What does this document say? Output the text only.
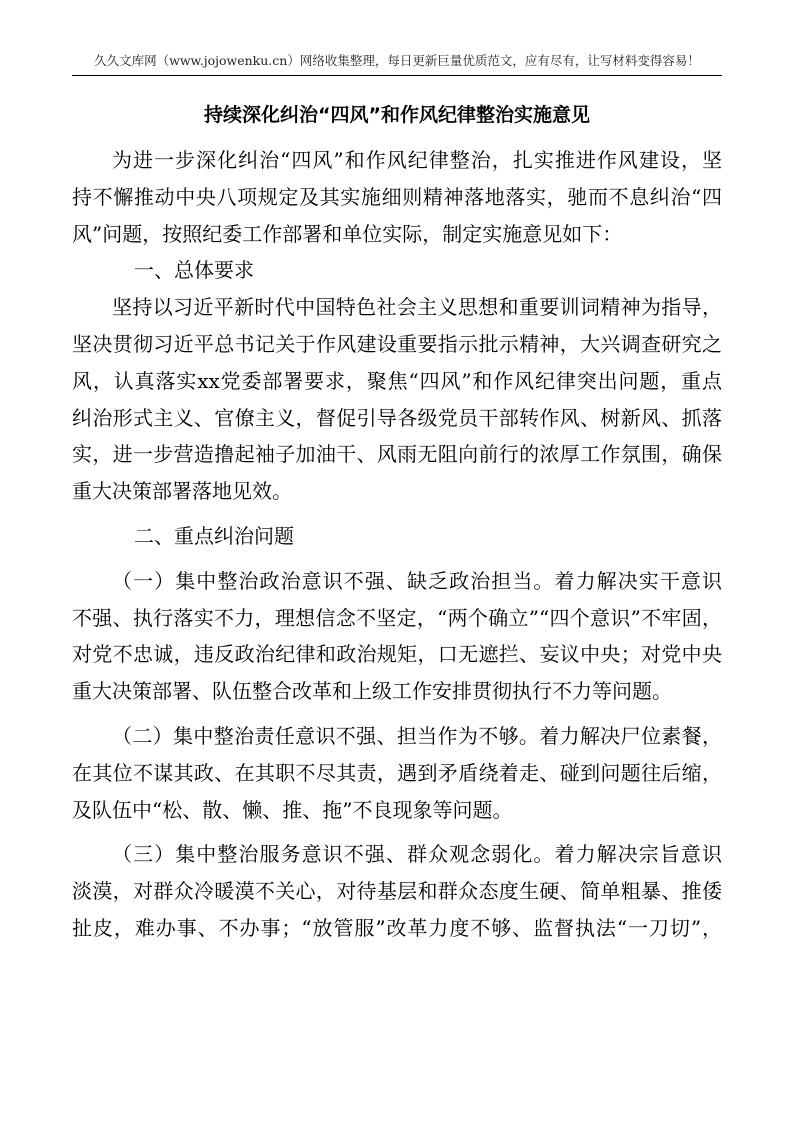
久久文库网（www.jojowenku.cn）网络收集整理，每日更新巨量优质范文，应有尽有，让写材料变得容易！
持续深化纠治“四风”和作风纪律整治实施意见
为进一步深化纠治“四风”和作风纪律整治，扎实推进作风建设，坚
持不懈推动中央八项规定及其实施细则精神落地落实，驰而不息纠治“四
风”问题，按照纪委工作部署和单位实际，制定实施意见如下：
一、总体要求
坚持以习近平新时代中国特色社会主义思想和重要训词精神为指导，
坚决贯彻习近平总书记关于作风建设重要指示批示精神，大兴调查研究之
风，认真落实xx党委部署要求，聚焦“四风”和作风纪律突出问题，重点
纠治形式主义、官僚主义，督促引导各级党员干部转作风、树新风、抓落
实，进一步营造撸起袖子加油干、风雨无阻向前行的浓厚工作氛围，确保
重大决策部署落地见效。
二、重点纠治问题
（一）集中整治政治意识不强、缺乏政治担当。着力解决实干意识
不强、执行落实不力，理想信念不坚定，“两个确立”“四个意识”不牢固，
对党不忠诚，违反政治纪律和政治规矩，口无遮拦、妄议中央；对党中央
重大决策部署、队伍整合改革和上级工作安排贯彻执行不力等问题。
（二）集中整治责任意识不强、担当作为不够。着力解决尸位素餐，
在其位不谋其政、在其职不尽其责，遇到矛盾绕着走、碰到问题往后缩，
及队伍中“松、散、懒、推、拖”不良现象等问题。
（三）集中整治服务意识不强、群众观念弱化。着力解决宗旨意识
淡漠，对群众冷暖漠不关心，对待基层和群众态度生硬、简单粗暴、推倭
扯皮，难办事、不办事；“放管服”改革力度不够、监督执法“一刀切”，
